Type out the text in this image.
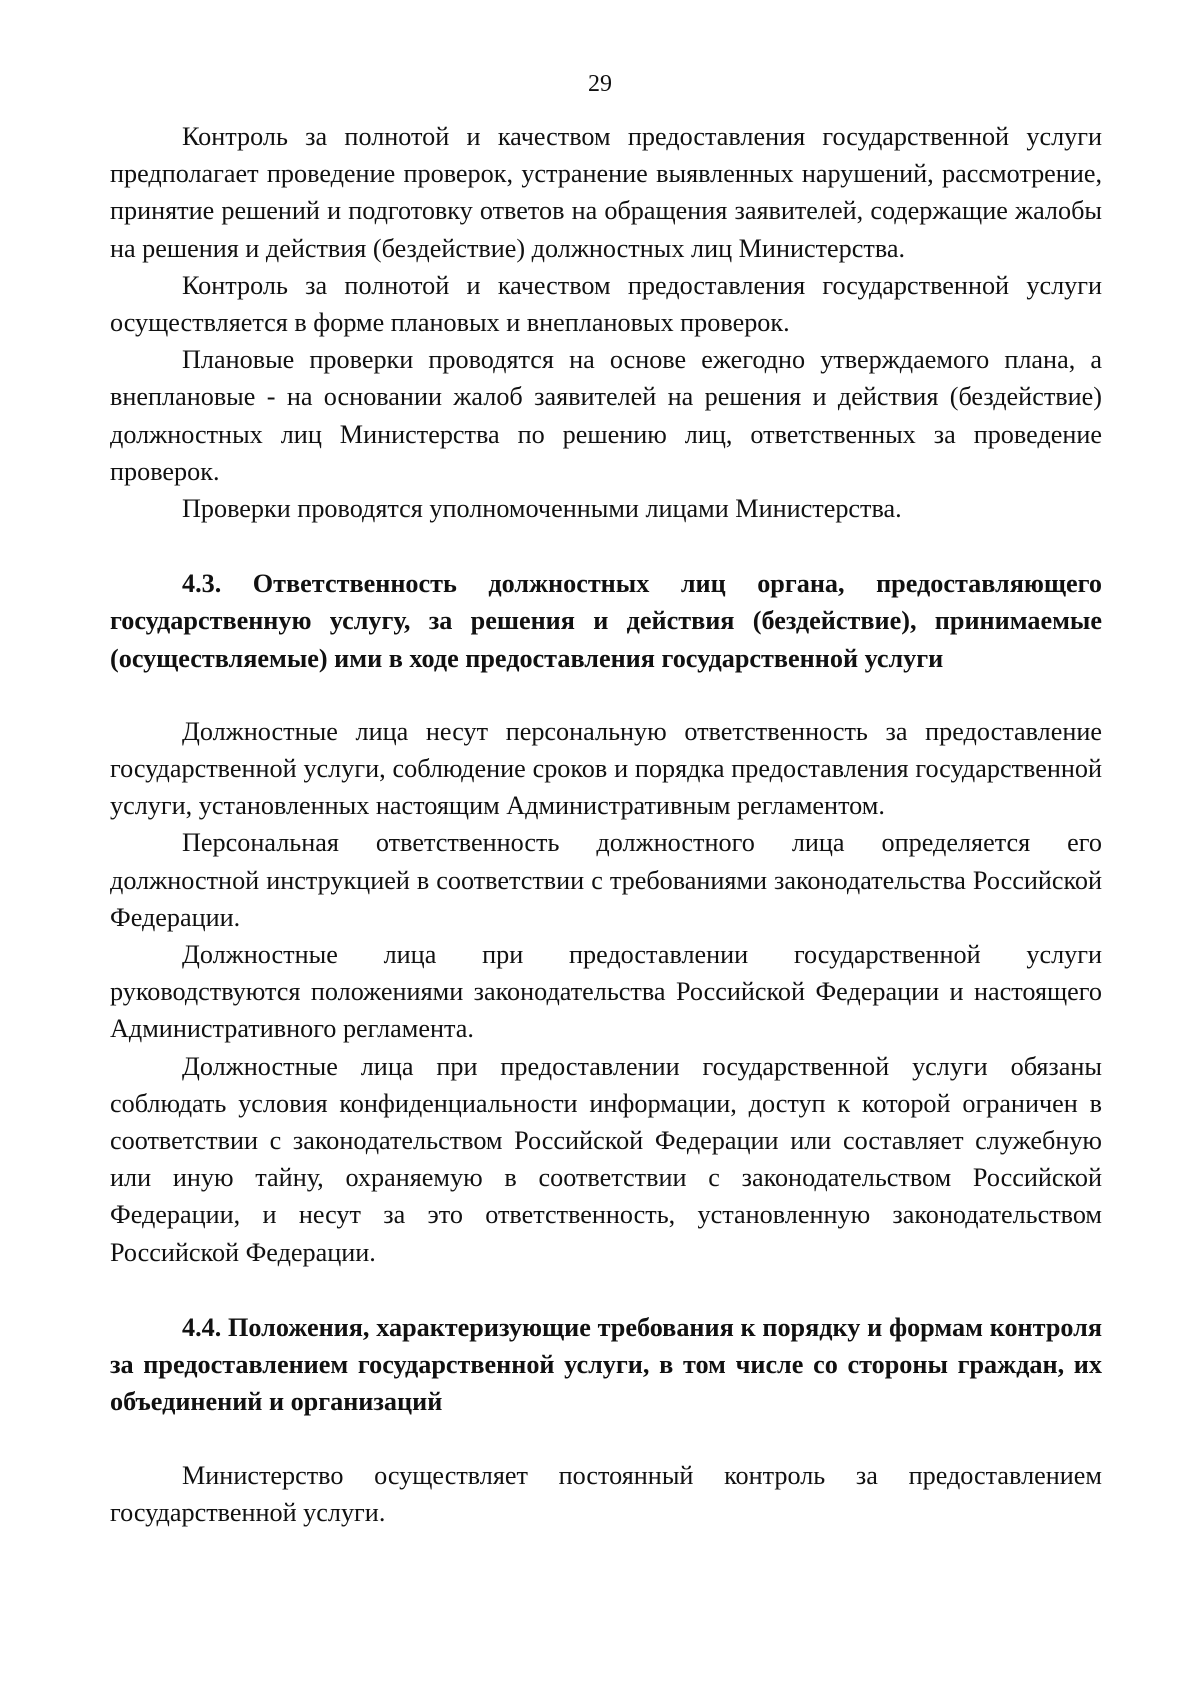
29

Контроль за полнотой и качеством предоставления государственной услуги предполагает проведение проверок, устранение выявленных нарушений, рассмотрение, принятие решений и подготовку ответов на обращения заявителей, содержащие жалобы на решения и действия (бездействие) должностных лиц Министерства.

Контроль за полнотой и качеством предоставления государственной услуги осуществляется в форме плановых и внеплановых проверок.

Плановые проверки проводятся на основе ежегодно утверждаемого плана, а внеплановые - на основании жалоб заявителей на решения и действия (бездействие) должностных лиц Министерства по решению лиц, ответственных за проведение проверок.

Проверки проводятся уполномоченными лицами Министерства.

4.3. Ответственность должностных лиц органа, предоставляющего государственную услугу, за решения и действия (бездействие), принимаемые (осуществляемые) ими в ходе предоставления государственной услуги

Должностные лица несут персональную ответственность за предоставление государственной услуги, соблюдение сроков и порядка предоставления государственной услуги, установленных настоящим Административным регламентом.

Персональная ответственность должностного лица определяется его должностной инструкцией в соответствии с требованиями законодательства Российской Федерации.

Должностные лица при предоставлении государственной услуги руководствуются положениями законодательства Российской Федерации и настоящего Административного регламента.

Должностные лица при предоставлении государственной услуги обязаны соблюдать условия конфиденциальности информации, доступ к которой ограничен в соответствии с законодательством Российской Федерации или составляет служебную или иную тайну, охраняемую в соответствии с законодательством Российской Федерации, и несут за это ответственность, установленную законодательством Российской Федерации.

4.4. Положения, характеризующие требования к порядку и формам контроля за предоставлением государственной услуги, в том числе со стороны граждан, их объединений и организаций

Министерство осуществляет постоянный контроль за предоставлением государственной услуги.
